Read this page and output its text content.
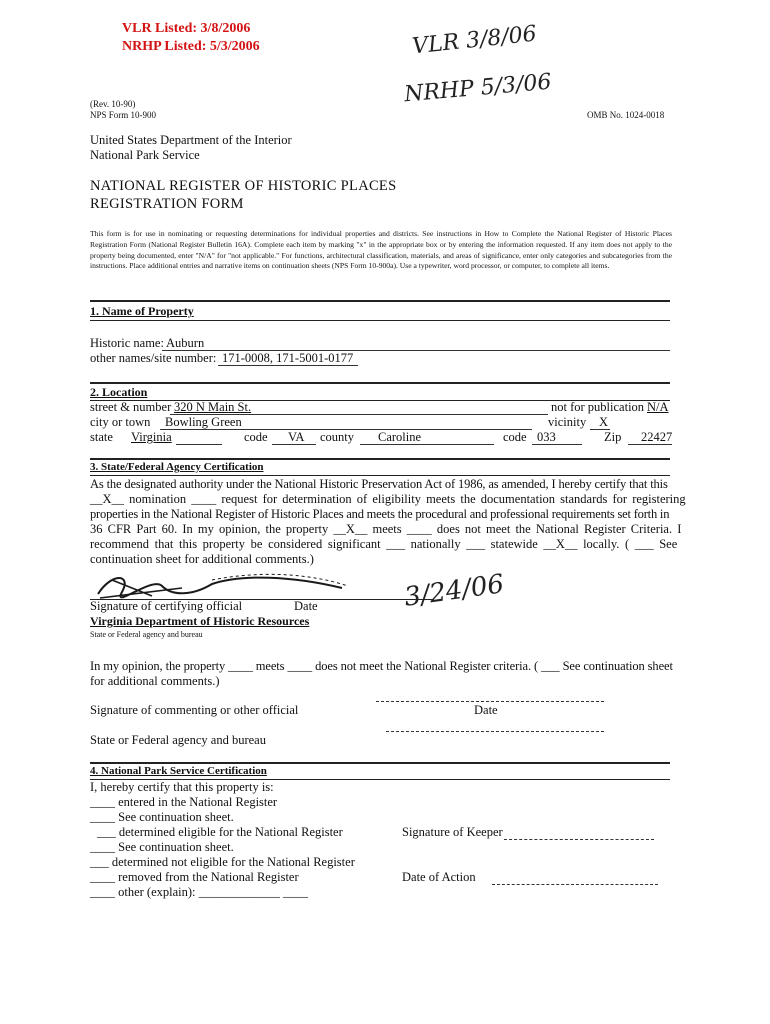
VLR Listed: 3/8/2006
NRHP Listed: 5/3/2006	VLR 3/8/06
NRHP 5/3/06
(Rev. 10-90)
NPS Form 10-900	OMB No. 1024-0018
United States Department of the Interior
National Park Service
NATIONAL REGISTER OF HISTORIC PLACES
REGISTRATION FORM
This form is for use in nominating or requesting determinations for individual properties and districts. See instructions in How to Complete the National Register of Historic Places Registration Form (National Register Bulletin 16A). Complete each item by marking "x" in the appropriate box or by entering the information requested. If any item does not apply to the property being documented, enter "N/A" for "not applicable." For functions, architectural classification, materials, and areas of significance, enter only categories and subcategories from the instructions. Place additional entries and narrative items on continuation sheets (NPS Form 10-900a). Use a typewriter, word processor, or computer, to complete all items.
1. Name of Property
Historic name: Auburn
other names/site number: 171-0008, 171-5001-0177
2. Location
street & number 320 N Main St.	not for publication N/A
city or town Bowling Green	vicinity X
state Virginia	code VA county Caroline	code 033	Zip 22427
3. State/Federal Agency Certification
As the designated authority under the National Historic Preservation Act of 1986, as amended, I hereby certify that this
__X__ nomination ____ request for determination of eligibility meets the documentation standards for registering
properties in the National Register of Historic Places and meets the procedural and professional requirements set forth in
36 CFR Part 60. In my opinion, the property __X__ meets ____ does not meet the National Register Criteria. I
recommend that this property be considered significant ___ nationally ___ statewide __X__ locally. ( ___ See
continuation sheet for additional comments.)
3/24/06
Signature of certifying official	Date
Virginia Department of Historic Resources
State or Federal agency and bureau
In my opinion, the property ____ meets ____ does not meet the National Register criteria. ( ___ See continuation sheet
for additional comments.)
Signature of commenting or other official	Date
State or Federal agency and bureau
4. National Park Service Certification
I, hereby certify that this property is:
____ entered in the National Register
____ See continuation sheet.
___ determined eligible for the National Register
____ See continuation sheet.
___ determined not eligible for the National Register
____ removed from the National Register
____ other (explain): _____________ ____
Signature of Keeper
Date of Action
